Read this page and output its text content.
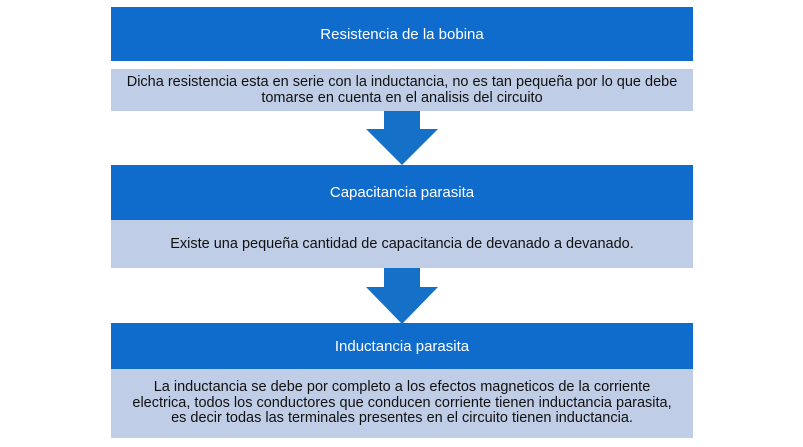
Resistencia de la bobina
Dicha resistencia esta en serie con la inductancia, no es tan pequeña por lo que debe tomarse en cuenta en el analisis del circuito
Capacitancia parasita
Existe una pequeña cantidad de capacitancia de devanado a devanado.
Inductancia parasita
La inductancia se debe por completo a los efectos magneticos de la corriente electrica, todos los conductores que conducen corriente tienen inductancia parasita, es decir todas las terminales presentes en el circuito tienen inductancia.
